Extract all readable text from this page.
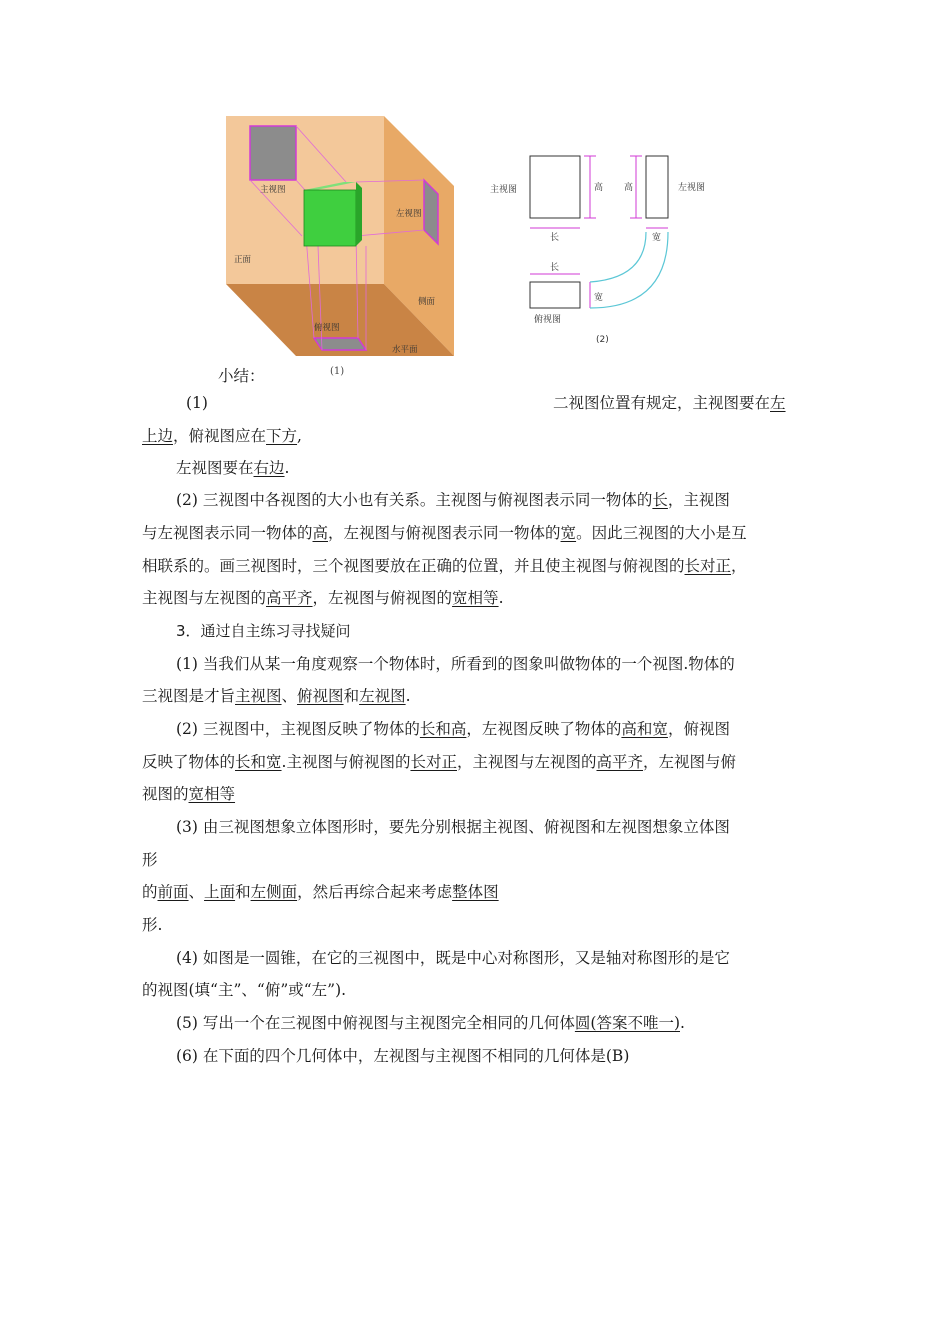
主视图
左视图
正面
侧面
俯视图
水平面
(1)
主视图	左视图
俯视图
高 高
长	宽
长
宽
(2)
小结：
(1)	二视图位置有规定，主视图要在左
上边，俯视图应在下方,
左视图要在右边.
(2) 三视图中各视图的大小也有关系。主视图与俯视图表示同一物体的长，主视图
与左视图表示同一物体的高，左视图与俯视图表示同一物体的宽。因此三视图的大小是互
相联系的。画三视图时，三个视图要放在正确的位置，并且使主视图与俯视图的长对正，
主视图与左视图的高平齐，左视图与俯视图的宽相等.
3．通过自主练习寻找疑问
(1) 当我们从某一角度观察一个物体时，所看到的图象叫做物体的一个视图.物体的
三视图是才旨主视图、俯视图和左视图.
(2) 三视图中，主视图反映了物体的长和高，左视图反映了物体的高和宽，俯视图
反映了物体的长和宽.主视图与俯视图的长对正，主视图与左视图的高平齐，左视图与俯
视图的宽相等
(3) 由三视图想象立体图形时，要先分别根据主视图、俯视图和左视图想象立体图
形
的前面、上面和左侧面，然后再综合起来考虑整体图
形.
(4) 如图是一圆锥，在它的三视图中，既是中心对称图形，又是轴对称图形的是它
的视图(填“主”、“俯”或“左”).
(5) 写出一个在三视图中俯视图与主视图完全相同的几何体圆(答案不唯一).
(6) 在下面的四个几何体中，左视图与主视图不相同的几何体是(B)
